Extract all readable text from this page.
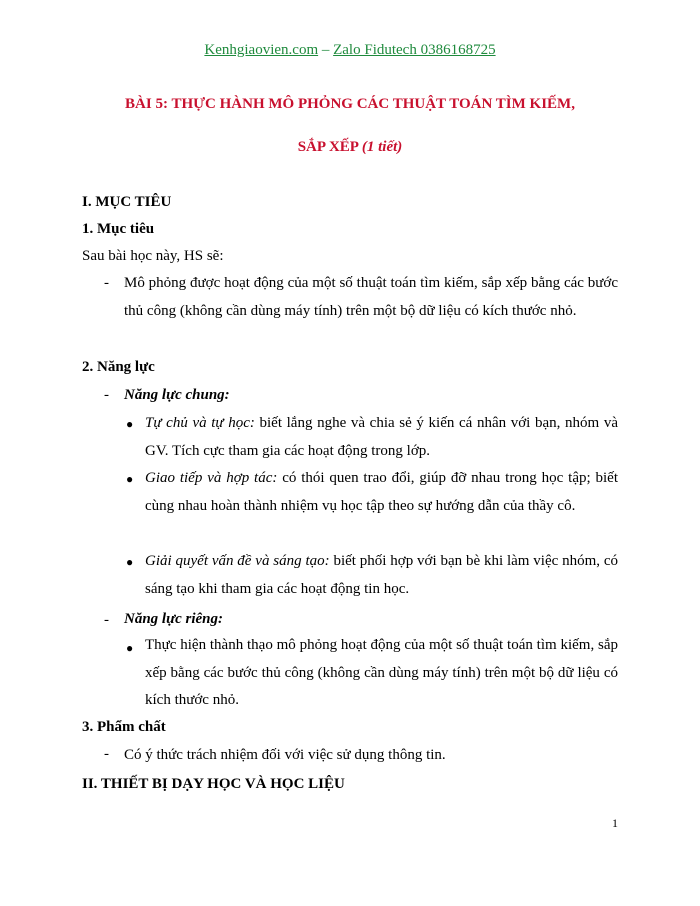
Kenhgiaovien.com – Zalo Fidutech 0386168725
BÀI 5: THỰC HÀNH MÔ PHỎNG CÁC THUẬT TOÁN TÌM KIẾM,
SẮP XẾP (1 tiết)
I. MỤC TIÊU
1. Mục tiêu
Sau bài học này, HS sẽ:
- Mô phỏng được hoạt động của một số thuật toán tìm kiếm, sắp xếp bằng các bước thủ công (không cần dùng máy tính) trên một bộ dữ liệu có kích thước nhỏ.
2. Năng lực
- Năng lực chung:
● Tự chủ và tự học: biết lắng nghe và chia sẻ ý kiến cá nhân với bạn, nhóm và GV. Tích cực tham gia các hoạt động trong lớp.
● Giao tiếp và hợp tác: có thói quen trao đổi, giúp đỡ nhau trong học tập; biết cùng nhau hoàn thành nhiệm vụ học tập theo sự hướng dẫn của thầy cô.
● Giải quyết vấn đề và sáng tạo: biết phối hợp với bạn bè khi làm việc nhóm, có sáng tạo khi tham gia các hoạt động tin học.
- Năng lực riêng:
● Thực hiện thành thạo mô phỏng hoạt động của một số thuật toán tìm kiếm, sắp xếp bằng các bước thủ công (không cần dùng máy tính) trên một bộ dữ liệu có kích thước nhỏ.
3. Phẩm chất
- Có ý thức trách nhiệm đối với việc sử dụng thông tin.
II. THIẾT BỊ DẠY HỌC VÀ HỌC LIỆU
1
